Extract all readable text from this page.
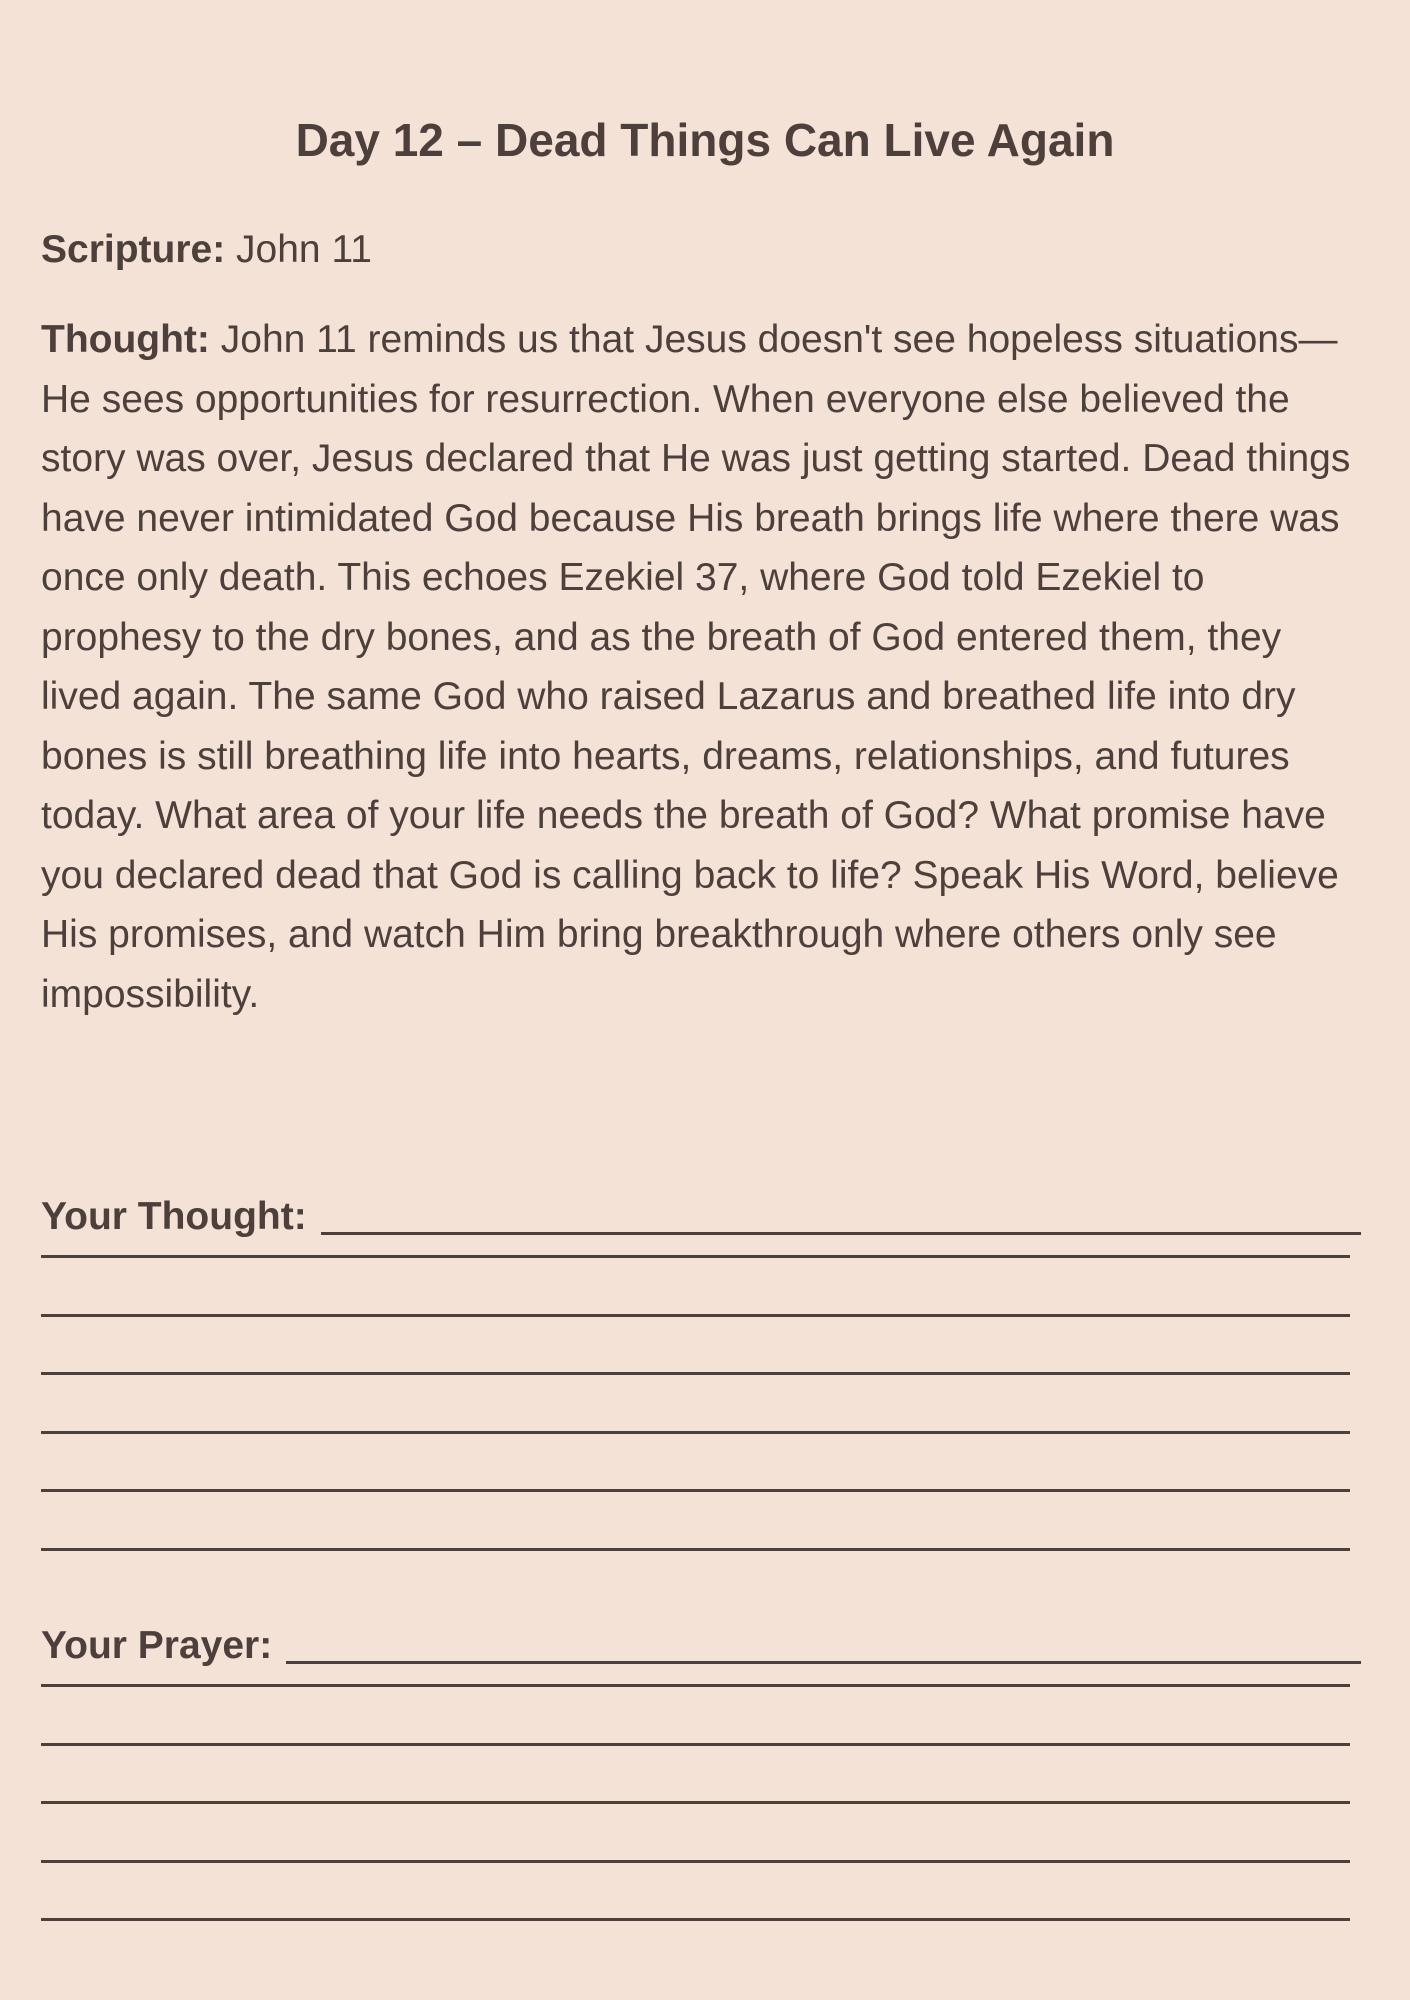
Day 12 – Dead Things Can Live Again

Scripture: John 11

Thought: John 11 reminds us that Jesus doesn't see hopeless situations—He sees opportunities for resurrection. When everyone else believed the story was over, Jesus declared that He was just getting started. Dead things have never intimidated God because His breath brings life where there was once only death. This echoes Ezekiel 37, where God told Ezekiel to prophesy to the dry bones, and as the breath of God entered them, they lived again. The same God who raised Lazarus and breathed life into dry bones is still breathing life into hearts, dreams, relationships, and futures today. What area of your life needs the breath of God? What promise have you declared dead that God is calling back to life? Speak His Word, believe His promises, and watch Him bring breakthrough where others only see impossibility.

Your Thought:
Your Prayer:
